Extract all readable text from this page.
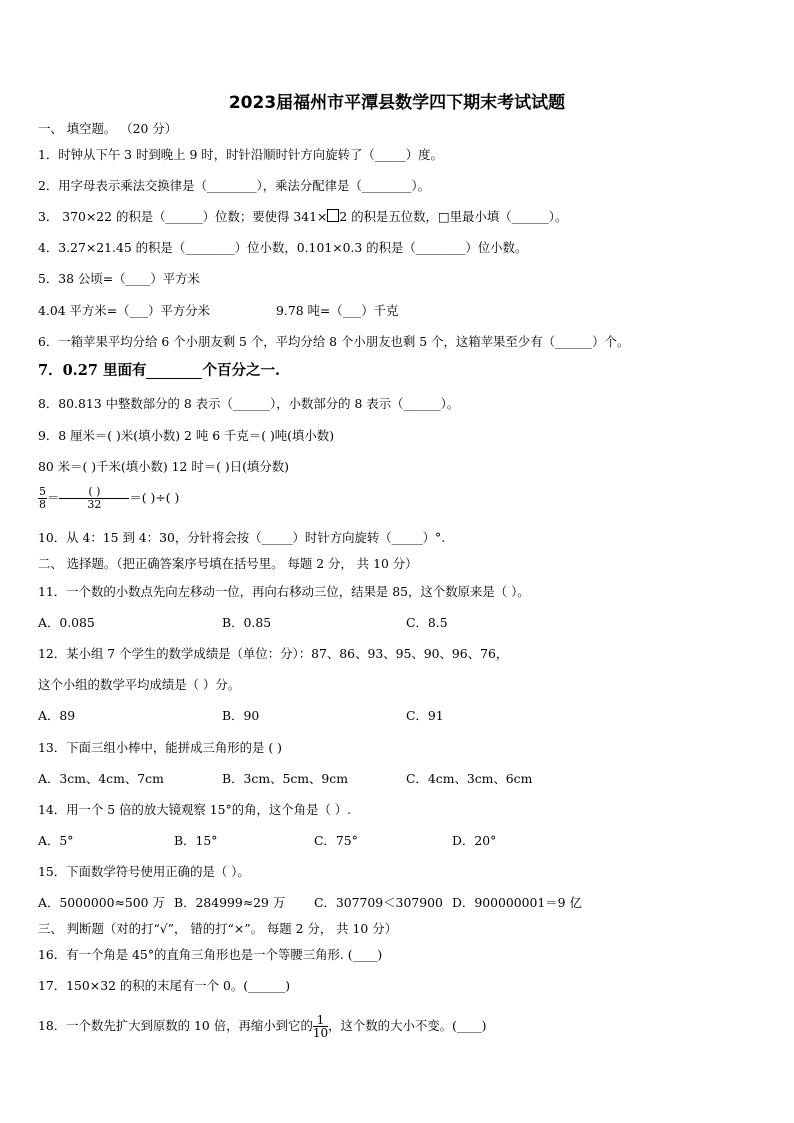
2023届福州市平潭县数学四下期末考试试题
一、 填空题。 （20 分）
1．时钟从下午 3 时到晚上 9 时，时针沿顺时针方向旋转了（_____）度。
2．用字母表示乘法交换律是（________），乘法分配律是（________）。
3． 370×22 的积是（______）位数；要使得 341× 2 的积是五位数，□里最小填（______）。
4．3.27×21.45 的积是（________）位小数，0.101×0.3 的积是（________）位小数。
5．38 公顷=（____）平方米
4.04 平方米=（___）平方分米	9.78 吨=（___）千克
6．一箱苹果平均分给 6 个小朋友剩 5 个，平均分给 8 个小朋友也剩 5 个，这箱苹果至少有（______）个。
7．0.27 里面有	个百分之一.
8．80.813 中整数部分的 8 表示（______），小数部分的 8 表示（______）。
9．8 厘米＝( )米(填小数) 2 吨 6 千克＝( )吨(填小数)
80 米＝( )千米(填小数) 12 时＝( )日(填分数)
$\frac{5}{8} = \frac{( )}{32}$ ＝( )÷( )
10．从 4：15 到 4：30，分针将会按（_____）时针方向旋转（_____）°.
二、 选择题。（把正确答案序号填在括号里。 每题 2 分， 共 10 分）
11．一个数的小数点先向左移动一位，再向右移动三位，结果是 85，这个数原来是（ ）。
A．0.085	B．0.85	C．8.5
12．某小组 7 个学生的数学成绩是（单位：分）：87、86、93、95、90、96、76，
这个小组的数学平均成绩是（ ）分。
A．89	B．90	C．91
13．下面三组小棒中，能拼成三角形的是 ( )
A．3cm、4cm、7cm	B．3cm、5cm、9cm	C．4cm、3cm、6cm
14．用一个 5 倍的放大镜观察 15°的角，这个角是（ ）.
A．5°	B．15°	C．75°	D．20°
15．下面数学符号使用正确的是（ ）。
A．5000000≈500 万 B．284999≈29 万 C．307709＜307900 D．900000001＝9 亿
三、 判断题（对的打“√”， 错的打“×”。 每题 2 分， 共 10 分）
16．有一个角是 45°的直角三角形也是一个等腰三角形. (____)
17．150×32 的积的末尾有一个 0。(______)
18．一个数先扩大到原数的 10 倍，再缩小到它的 $\frac{1}{10}$ ，这个数的大小不变。(____)
